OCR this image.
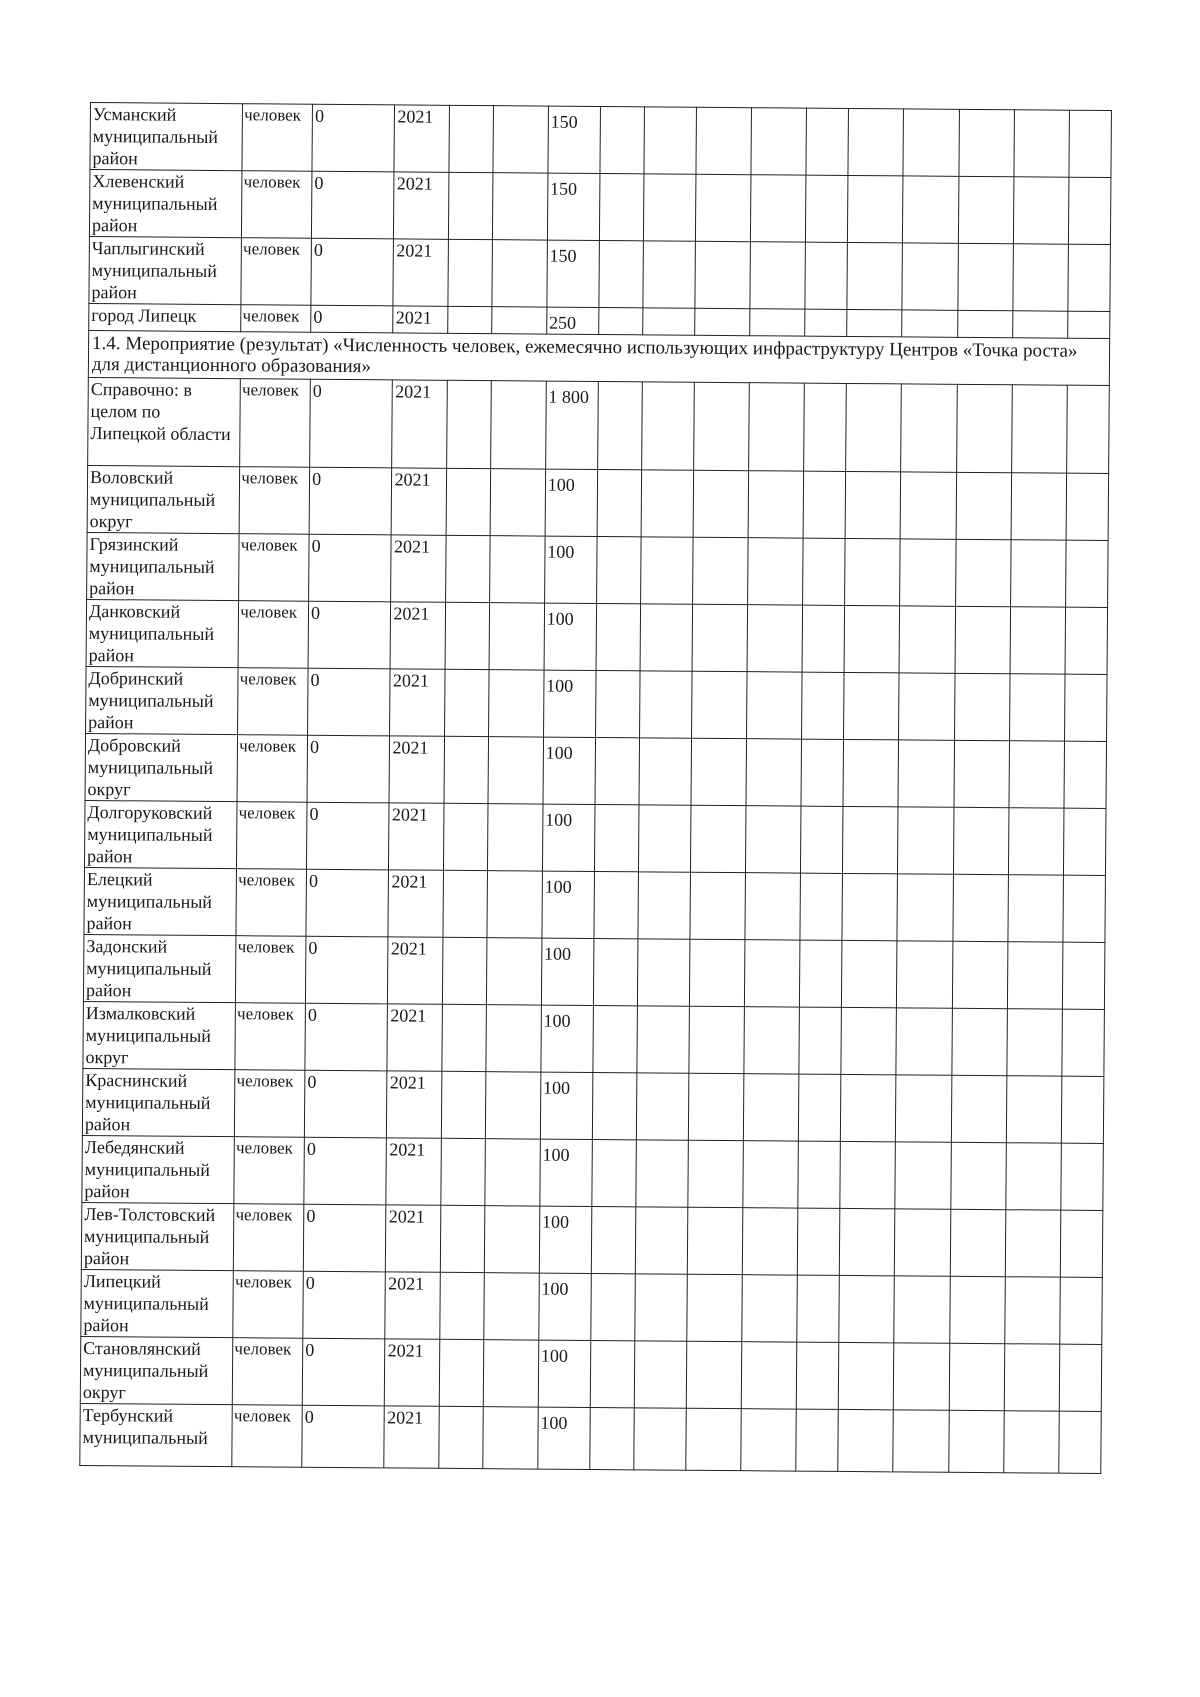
Усманский муниципальный район	человек	0	2021			150										
Хлевенский муниципальный район	человек	0	2021			150										
Чаплыгинский муниципальный район	человек	0	2021			150										
город Липецк	человек	0	2021			250										
1.4. Мероприятие (результат) «Численность человек, ежемесячно использующих инфраструктуру Центров «Точка роста» для дистанционного образования»																
Справочно: в целом по Липецкой области	человек	0	2021			1 800										
Воловский муниципальный округ	человек	0	2021			100										
Грязинский муниципальный район	человек	0	2021			100										
Данковский муниципальный район	человек	0	2021			100										
Добринский муниципальный район	человек	0	2021			100										
Добровский муниципальный округ	человек	0	2021			100										
Долгоруковский муниципальный район	человек	0	2021			100										
Елецкий муниципальный район	человек	0	2021			100										
Задонский муниципальный район	человек	0	2021			100										
Измалковский муниципальный округ	человек	0	2021			100										
Краснинский муниципальный район	человек	0	2021			100										
Лебедянский муниципальный район	человек	0	2021			100										
Лев-Толстовский муниципальный район	человек	0	2021			100										
Липецкий муниципальный район	человек	0	2021			100										
Становлянский муниципальный округ	человек	0	2021			100										
Тербунский муниципальный	человек	0	2021			100										
